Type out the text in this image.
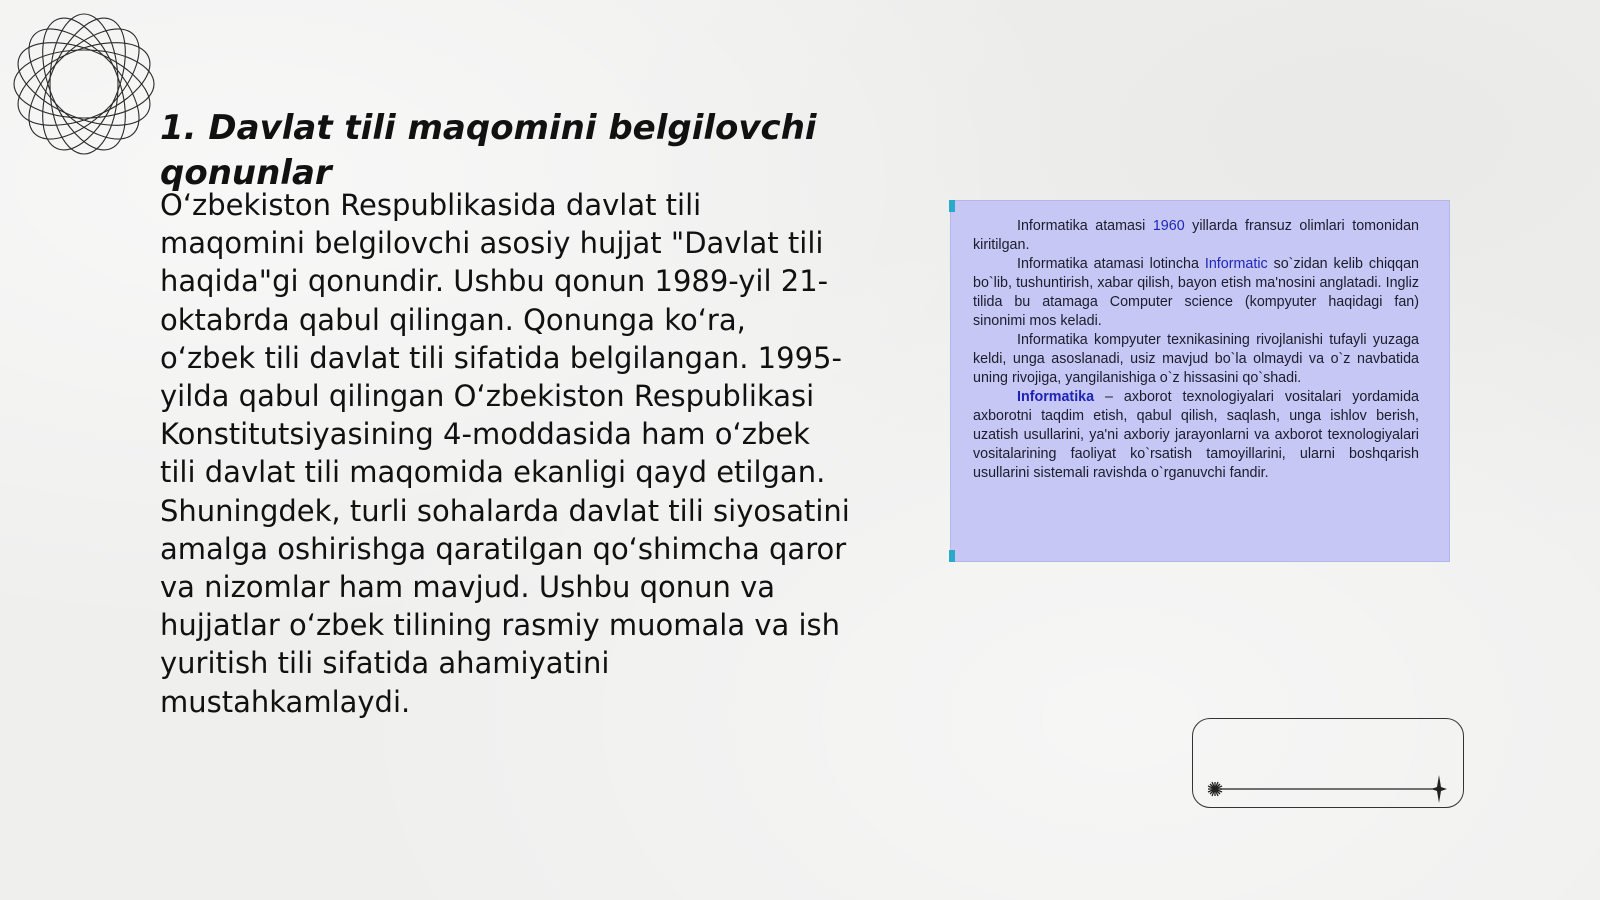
1. Davlat tili maqomini belgilovchi qonunlar

O‘zbekiston Respublikasida davlat tili maqomini belgilovchi asosiy hujjat "Davlat tili haqida"gi qonundir. Ushbu qonun 1989-yil 21-oktabrda qabul qilingan. Qonunga ko‘ra, o‘zbek tili davlat tili sifatida belgilangan. 1995-yilda qabul qilingan O‘zbekiston Respublikasi Konstitutsiyasining 4-moddasida ham o‘zbek tili davlat tili maqomida ekanligi qayd etilgan. Shuningdek, turli sohalarda davlat tili siyosatini amalga oshirishga qaratilgan qo‘shimcha qaror va nizomlar ham mavjud. Ushbu qonun va hujjatlar o‘zbek tilining rasmiy muomala va ish yuritish tili sifatida ahamiyatini mustahkamlaydi.

Informatika atamasi 1960 yillarda fransuz olimlari tomonidan kiritilgan.

Informatika atamasi lotincha Informatic so`zidan kelib chiqqan bo`lib, tushuntirish, xabar qilish, bayon etish ma'nosini anglatadi. Ingliz tilida bu atamaga Computer science (kompyuter haqidagi fan) sinonimi mos keladi.

Informatika kompyuter texnikasining rivojlanishi tufayli yuzaga keldi, unga asoslanadi, usiz mavjud bo`la olmaydi va o`z navbatida uning rivojiga, yangilanishiga o`z hissasini qo`shadi.

Informatika – axborot texnologiyalari vositalari yordamida axborotni taqdim etish, qabul qilish, saqlash, unga ishlov berish, uzatish usullarini, ya'ni axboriy jarayonlarni va axborot texnologiyalari vositalarining faoliyat ko`rsatish tamoyillarini, ularni boshqarish usullarini sistemali ravishda o`rganuvchi fandir.
